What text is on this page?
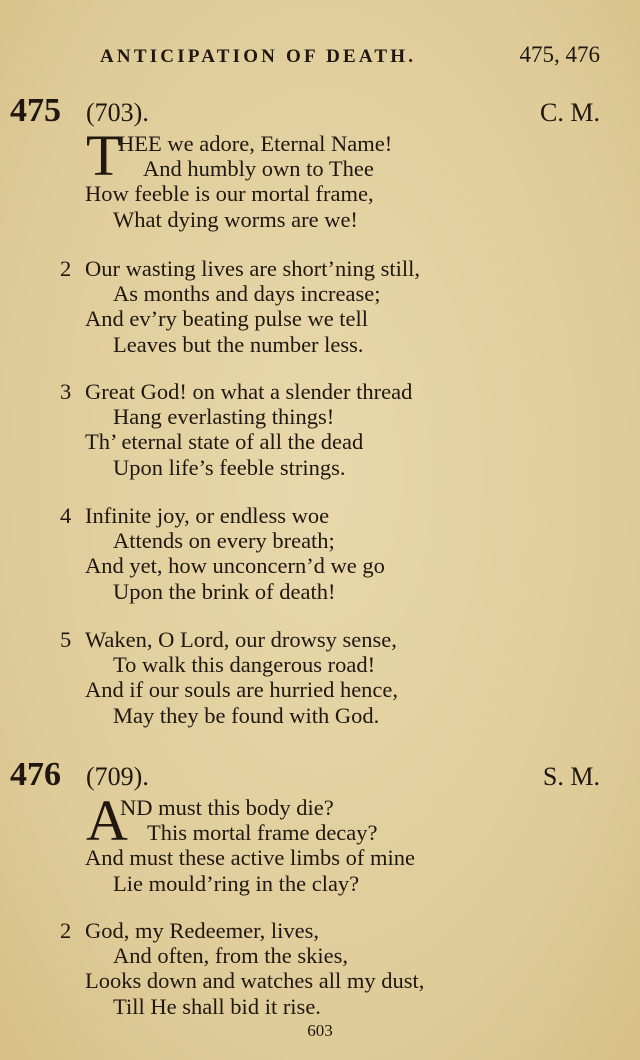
ANTICIPATION OF DEATH.	475, 476
475 (703).	C. M.
T
HEE we adore, Eternal Name!
And humbly own to Thee
How feeble is our mortal frame,
What dying worms are we!
2 Our wasting lives are short’ning still,
As months and days increase;
And ev’ry beating pulse we tell
Leaves but the number less.
3 Great God! on what a slender thread
Hang everlasting things!
Th’ eternal state of all the dead
Upon life’s feeble strings.
4 Infinite joy, or endless woe
Attends on every breath;
And yet, how unconcern’d we go
Upon the brink of death!
5 Waken, O Lord, our drowsy sense,
To walk this dangerous road!
And if our souls are hurried hence,
May they be found with God.
476 (709).	S. M.
A
ND must this body die?
This mortal frame decay?
And must these active limbs of mine
Lie mould’ring in the clay?
2 God, my Redeemer, lives,
And often, from the skies,
Looks down and watches all my dust,
Till He shall bid it rise.
603
